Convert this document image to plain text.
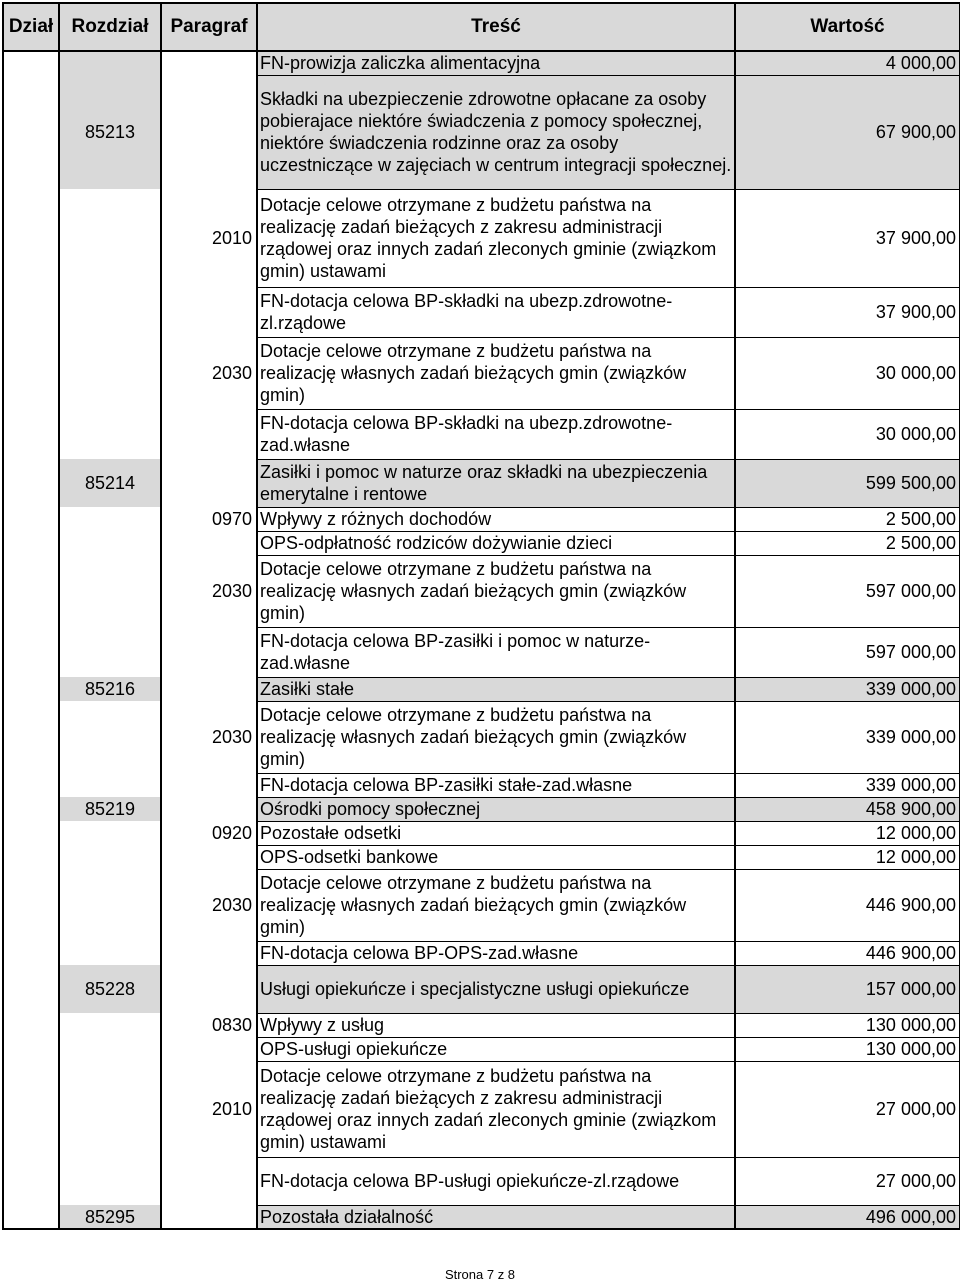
Dział	Rozdział	Paragraf	Treść	Wartość
			FN-prowizja zaliczka alimentacyjna	4 000,00
	85213		Składki na ubezpieczenie zdrowotne opłacane za osoby pobierajace niektóre świadczenia z pomocy społecznej, niektóre świadczenia rodzinne oraz za osoby uczestniczące w zajęciach w centrum integracji społecznej.	67 900,00
		2010	Dotacje celowe otrzymane z budżetu państwa na realizację zadań bieżących z zakresu administracji rządowej oraz innych zadań zleconych gminie (związkom gmin) ustawami	37 900,00
			FN-dotacja celowa BP-składki na ubezp.zdrowotne-zl.rządowe	37 900,00
		2030	Dotacje celowe otrzymane z budżetu państwa na realizację własnych zadań bieżących gmin (związków gmin)	30 000,00
			FN-dotacja celowa BP-składki na ubezp.zdrowotne-zad.własne	30 000,00
	85214		Zasiłki i pomoc w naturze oraz składki na ubezpieczenia emerytalne i rentowe	599 500,00
		0970	Wpływy z różnych dochodów	2 500,00
			OPS-odpłatność rodziców dożywianie dzieci	2 500,00
		2030	Dotacje celowe otrzymane z budżetu państwa na realizację własnych zadań bieżących gmin (związków gmin)	597 000,00
			FN-dotacja celowa BP-zasiłki i pomoc w naturze-zad.własne	597 000,00
	85216		Zasiłki stałe	339 000,00
		2030	Dotacje celowe otrzymane z budżetu państwa na realizację własnych zadań bieżących gmin (związków gmin)	339 000,00
			FN-dotacja celowa BP-zasiłki stałe-zad.własne	339 000,00
	85219		Ośrodki pomocy społecznej	458 900,00
		0920	Pozostałe odsetki	12 000,00
			OPS-odsetki bankowe	12 000,00
		2030	Dotacje celowe otrzymane z budżetu państwa na realizację własnych zadań bieżących gmin (związków gmin)	446 900,00
			FN-dotacja celowa BP-OPS-zad.własne	446 900,00
	85228		Usługi opiekuńcze i specjalistyczne usługi opiekuńcze	157 000,00
		0830	Wpływy z usług	130 000,00
			OPS-usługi opiekuńcze	130 000,00
		2010	Dotacje celowe otrzymane z budżetu państwa na realizację zadań bieżących z zakresu administracji rządowej oraz innych zadań zleconych gminie (związkom gmin) ustawami	27 000,00
			FN-dotacja celowa BP-usługi opiekuńcze-zl.rządowe	27 000,00
	85295		Pozostała działalność	496 000,00
Strona 7 z 8
